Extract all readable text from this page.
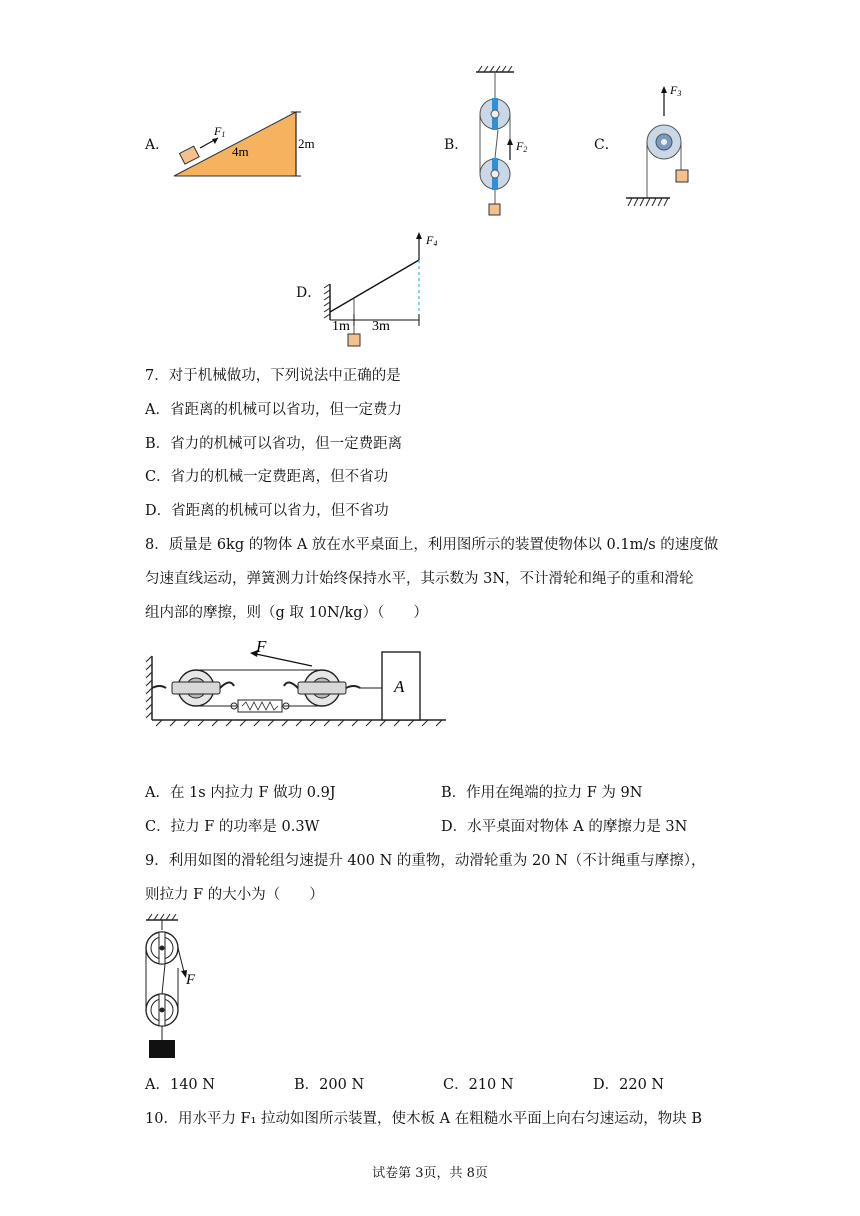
A．
F1
4m
2m	B．	F2	C．
F3
D．
F4
1m 3m
7．对于机械做功，下列说法中正确的是
A．省距离的机械可以省功，但一定费力
B．省力的机械可以省功，但一定费距离
C．省力的机械一定费距离，但不省功
D．省距离的机械可以省力，但不省功
8．质量是 6kg 的物体 A 放在水平桌面上，利用图所示的装置使物体以 0.1m/s 的速度做
匀速直线运动，弹簧测力计始终保持水平，其示数为 3N，不计滑轮和绳子的重和滑轮
组内部的摩擦，则（g 取 10N/kg）（　　）
F
A
A．在 1s 内拉力 F 做功 0.9J	B．作用在绳端的拉力 F 为 9N
C．拉力 F 的功率是 0.3W	D．水平桌面对物体 A 的摩擦力是 3N
9．利用如图的滑轮组匀速提升 400 N 的重物，动滑轮重为 20 N（不计绳重与摩擦），
则拉力 F 的大小为（　　）
F
A．140 N	B．200 N	C．210 N	D．220 N
10．用水平力 F₁ 拉动如图所示装置，使木板 A 在粗糙水平面上向右匀速运动，物块 B
试卷第 3页，共 8页
